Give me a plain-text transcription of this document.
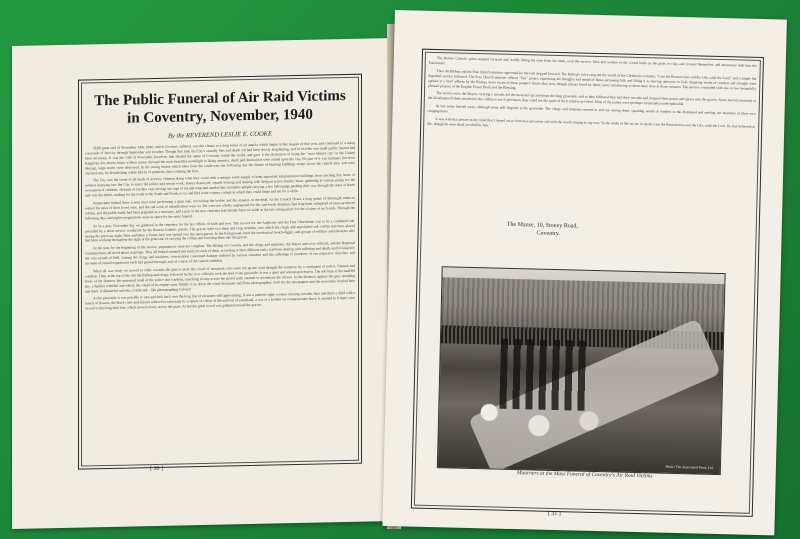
The Public Funeral of Air Raid Victims
in Coventry, November, 1940
By the REVEREND LESLIE E. COOKE

THIS great raid of November 14th, 1940, which Coventry suffered, was the climax to a long series of air attacks which began in late August of that year, and continued in a rising crescendo of ferocity through September and October. Though that time the City's casualty lists and death roll had been slowly lengthening, and in October one small public funeral had been necessary. It was the 14th of November, however, that flashed the name of Coventry round the world, and gave it the distinction of being the "most blitzed city" in the United Kingdom. For eleven hours without pause, through the most beautiful moonlight in living memory, death and destruction were rained upon the city. No part of it was immune; fire from damage, large stores were destroyed. In the strong breeze which blew from the south-west the following day the flames of burning buildings swept across the central area, and were checked only by demolishing whole blocks of premises, thus isolating the fires.

The City was the scene of all kinds of activity: firemen doing what they could with a meagre water-supply to keep important administrative buildings from catching fire; hosts of soldiers hurrying into the City to assist the police and rescue work; homes destroyed, squads looking and dealing with delayed action bombs; buses gathering at various points for the evacuation of children; all kinds of kitchen vans serving out cups of tea and soup and sandwiches; homeless people carrying a few belongings pushing their way through the mass of hoses and over the debris, making for the roads to the South and North, to try and find some country cottage in which they could lodge and eat for a while.

Somewhere behind these scenes men were performing a grim task, recovering the bodies and the remains of the dead. At the Council House a long queue of distraught relatives waited for news of their loved ones, and the sad work of identification went on. We were not wholly unprepared for this sad event. Rumours had long been whispered of mass-produced coffins, and the public baths had been prepared as a mortuary, and a part of the new cemetery had already been set aside as the last resting-place for the victims of such raids. Through the following days and nights preparations went on apace for the mass funeral.

So on a grey November day we gathered in the cemetery for the last offices of faith and love. The service for the Anglicans and the Free Churchmen was to be a combined one, preceded by a short service conducted by the Roman Catholic priests. The graves were two deep and long trenches, into which the rough and unpolished oak coffins had been placed during the previous night. Here and there a Union Jack was spread over the open graves. In the background stood the mechanical trench-digger, and groups of soldiers and labourers who had been working throughout the night at the grim task of carrying the coffins and lowering them into the graves.

At the time for the beginning of the service, preparations were not complete. The Bishop of Coventry and the clergy and ministers, the Mayor and civic officials, and the Regional Commissioner, all stood about in groups. They all looked strained and tired, for each of them, according to their different tasks, had been dealing with suffering and death, and looking into the very mouth of Hell. Among the clergy and ministers, conversation concerned damage suffered by various churches and the sufferings of members of our respective churches, and accounts of ruined experiences each had passed through, and, of course, of the ruined cathedral.

When all was ready we moved in order towards the gate to meet the crowd of mourners, who were led up the road through the cemetery by a contingent of police, firemen and wardens. Then at the top of the rise the Bishop and clergy, followed by the civic officials, took the lead to the graveside. It was a quiet and solemn procession. The soft beat of the muffled boots of the firemen, the measured tread of the police and wardens, marching in step across the gravel path, seemed to accentuate the silence. In the distance, against the grey unending sky, a Spitfire wheeled and rolled; the sound of its engine came fitfully to us down the wind. Pressmen and Press photographers, both for the newspapers and the newsreels, hurried here and there. A distasteful task this, I reflected—like photographing Calvary!

At the graveside it was possible to turn and look back over the long line of mourners still approaching. It was a pathetic sight: women carrying wreaths; here and there a child with a bunch of flowers; the black coats and dresses relieved occasionally by a splash of colour of the uniform of a husband, a son, or a brother on compassionate leave. It seemed as if there were no end to this long dark line, which moved slowly across the grass. At last the great crowd was gathered around the graves.

[ 30 ]

The Roman Catholic priest stepped forward and, hardly lifting his eyes from his book, read the service. Men and women in the crowd knelt on the grass or clay, and crossed themselves and murmured with him the Paternoster.

Then the Bishop and the Free Church minister appointed for the task stepped forward. The Bishop's voice rang out the words of the Christian's certainty: "I am the Resurrection and the Life, saith the Lord," and a simple but dignified service followed. The Free Church minister offered "free" prayer, expressing the thoughts and mood of those sorrowing folk and lifting it to moving utterance to God. Inspiring words of comfort and strength were spoken in a brief address by the Bishop, never many of those people's hearts than now, though always loved by them; never ministering to them more than in those minutes. The service concluded with one or two beautifully phrased prayers of the English Prayer Book and the Blessing.

The service over, the Mayor, carrying a wreath, led the mourners up and down the long graveside, and as they followed they laid their wreaths and dropped their posies and sprays into the graves. Some moved anxiously at the bloodstained labels attached to the coffins to see if perchance they could see the name of their relative or friend. Most of the names were (perhaps fortunately) undecipherable.

At last some hurried away, although some still lingered at the graveside. The clergy and ministers moved in and out among them, speaking words of comfort to the distressed and seeking out members of their own congregations.

It was with that picture in my mind that I turned away from that sad scene, and with the words ringing in my ears "In the midst of life we are in death. I am the Resurrection and the Life, saith the Lord. He that believeth in Me, though he were dead, yet shall he live."

The Manse, 10, Stoney Road,
Coventry.
Photo: The Associated Press, Ltd.
Mourners at the Mass Funeral of Coventry's Air Raid Victims
[ 31 ]
